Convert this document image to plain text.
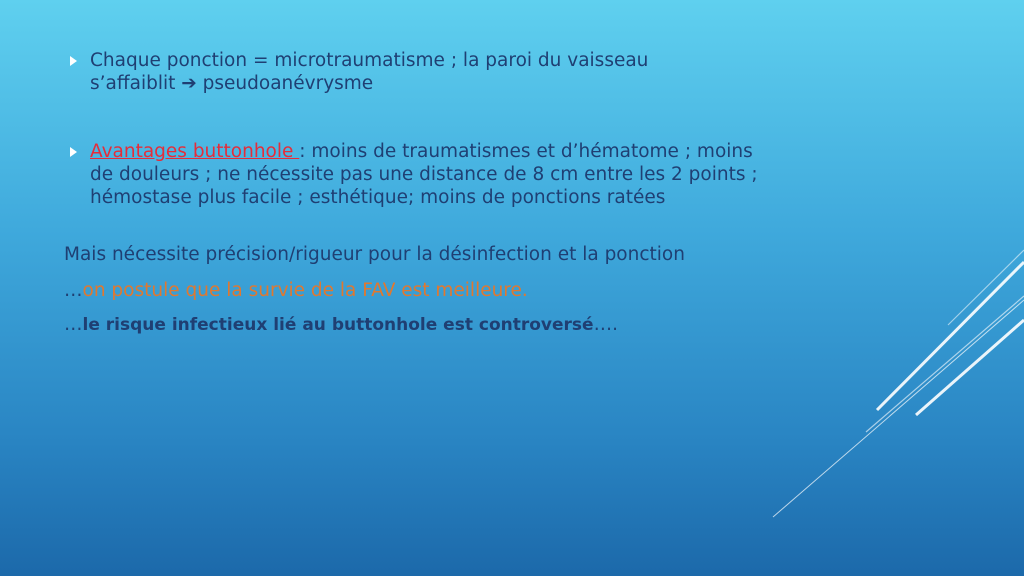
Chaque ponction = microtraumatisme ; la paroi du vaisseau
s’affaiblit ➔ pseudoanévrysme
Avantages buttonhole : moins de traumatismes et d’hématome ; moins de douleurs ; ne nécessite pas une distance de 8 cm entre les 2 points ; hémostase plus facile ; esthétique; moins de ponctions ratées
Mais nécessite précision/rigueur pour la désinfection et la ponction
…on postule que la survie de la FAV est meilleure.
…le risque infectieux lié au buttonhole est controversé….
